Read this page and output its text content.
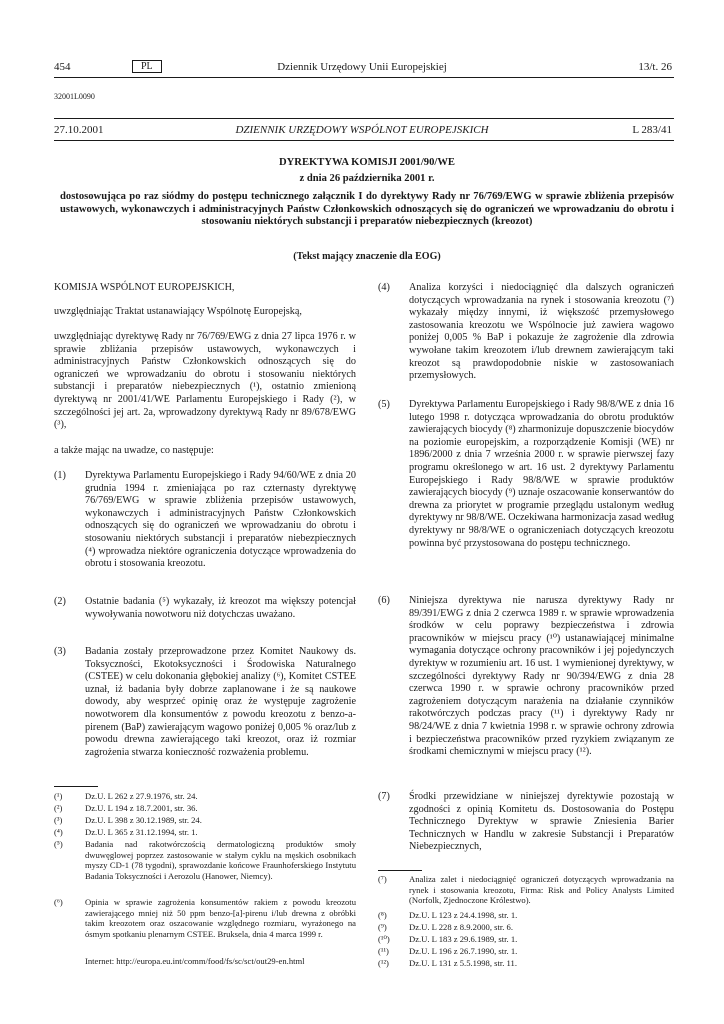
454	PL	Dziennik Urzędowy Unii Europejskiej	13/t. 26
32001L0090
27.10.2001	DZIENNIK URZĘDOWY WSPÓLNOT EUROPEJSKICH	L 283/41
DYREKTYWA KOMISJI 2001/90/WE
z dnia 26 października 2001 r.
dostosowująca po raz siódmy do postępu technicznego załącznik I do dyrektywy Rady nr 76/769/EWG w sprawie zbliżenia przepisów ustawowych, wykonawczych i administracyjnych Państw Członkowskich odnoszących się do ograniczeń we wprowadzaniu do obrotu i stosowaniu niektórych substancji i preparatów niebezpiecznych (kreozot)
(Tekst mający znaczenie dla EOG)
KOMISJA WSPÓLNOT EUROPEJSKICH,
uwzględniając Traktat ustanawiający Wspólnotę Europejską,
uwzględniając dyrektywę Rady nr 76/769/EWG z dnia 27 lipca 1976 r. w sprawie zbliżania przepisów ustawowych, wykonawczych i administracyjnych Państw Członkowskich odnoszących się do ograniczeń we wprowadzaniu do obrotu i stosowaniu niektórych substancji i preparatów niebezpiecznych (¹), ostatnio zmienioną dyrektywą nr 2001/41/WE Parlamentu Europejskiego i Rady (²), w szczególności jej art. 2a, wprowadzony dyrektywą Rady nr 89/678/EWG (³),
a także mając na uwadze, co następuje:
(1) Dyrektywa Parlamentu Europejskiego i Rady 94/60/WE z dnia 20 grudnia 1994 r. zmieniająca po raz czternasty dyrektywę 76/769/EWG w sprawie zbliżenia przepisów ustawowych, wykonawczych i administracyjnych Państw Członkowskich odnoszących się do ograniczeń we wprowadzaniu do obrotu i stosowaniu niektórych substancji i preparatów niebezpiecznych (⁴) wprowadza niektóre ograniczenia dotyczące wprowadzenia do obrotu i stosowania kreozotu.
(2) Ostatnie badania (⁵) wykazały, iż kreozot ma większy potencjał wywoływania nowotworu niż dotychczas uważano.
(3) Badania zostały przeprowadzone przez Komitet Naukowy ds. Toksyczności, Ekotoksyczności i Środowiska Naturalnego (CSTEE) w celu dokonania głębokiej analizy (⁶), Komitet CSTEE uznał, iż badania były dobrze zaplanowane i że są naukowe dowody, aby wesprzeć opinię oraz że występuje zagrożenie nowotworem dla konsumentów z powodu kreozotu z benzo-a-pirenem (BaP) zawierającym wagowo poniżej 0,005 % oraz/lub z powodu drewna zawierającego taki kreozot, oraz iż rozmiar zagrożenia stwarza konieczność rozważenia problemu.
(¹)	Dz.U. L 262 z 27.9.1976, str. 24.
(²)	Dz.U. L 194 z 18.7.2001, str. 36.
(³)	Dz.U. L 398 z 30.12.1989, str. 24.
(⁴)	Dz.U. L 365 z 31.12.1994, str. 1.
(⁵)	Badania nad rakotwórczością dermatologiczną produktów smoły dwuwęglowej poprzez zastosowanie w stałym cyklu na męskich osobnikach myszy CD-1 (78 tygodni), sprawozdanie końcowe Fraunhoferskiego Instytutu Badania Toksyczności i Aerozolu (Hanower, Niemcy).
(⁶)	Opinia w sprawie zagrożenia konsumentów rakiem z powodu kreozotu zawierającego mniej niż 50 ppm benzo-[a]-pirenu i/lub drewna z obróbki takim kreozotem oraz oszacowanie względnego rozmiaru, wyrażonego na ósmym spotkaniu plenarnym CSTEE. Bruksela, dnia 4 marca 1999 r.
Internet: http://europa.eu.int/comm/food/fs/sc/sct/out29-en.html
(4) Analiza korzyści i niedociągnięć dla dalszych ograniczeń dotyczących wprowadzania na rynek i stosowania kreozotu (⁷) wykazały między innymi, iż większość przemysłowego zastosowania kreozotu we Wspólnocie już zawiera wagowo poniżej 0,005 % BaP i pokazuje że zagrożenie dla zdrowia wywołane takim kreozotem i/lub drewnem zawierającym taki kreozot są prawdopodobnie niskie w zastosowaniach przemysłowych.
(5) Dyrektywa Parlamentu Europejskiego i Rady 98/8/WE z dnia 16 lutego 1998 r. dotycząca wprowadzania do obrotu produktów zawierających biocydy (⁸) zharmonizuje dopuszczenie biocydów na poziomie europejskim, a rozporządzenie Komisji (WE) nr 1896/2000 z dnia 7 września 2000 r. w sprawie pierwszej fazy programu określonego w art. 16 ust. 2 dyrektywy Parlamentu Europejskiego i Rady 98/8/WE w sprawie produktów zawierających biocydy (⁹) uznaje oszacowanie konserwantów do drewna za priorytet w programie przeglądu ustalonym według dyrektywy nr 98/8/WE. Oczekiwana harmonizacja zasad według dyrektywy nr 98/8/WE o ograniczeniach dotyczących kreozotu powinna być przystosowana do postępu technicznego.
(6) Niniejsza dyrektywa nie narusza dyrektywy Rady nr 89/391/EWG z dnia 2 czerwca 1989 r. w sprawie wprowadzenia środków w celu poprawy bezpieczeństwa i zdrowia pracowników w miejscu pracy (¹⁰) ustanawiającej minimalne wymagania dotyczące ochrony pracowników i jej pojedynczych dyrektyw w rozumieniu art. 16 ust. 1 wymienionej dyrektywy, w szczególności dyrektywy Rady nr 90/394/EWG z dnia 28 czerwca 1990 r. w sprawie ochrony pracowników przed zagrożeniem dotyczącym narażenia na działanie czynników rakotwórczych podczas pracy (¹¹) i dyrektywy Rady nr 98/24/WE z dnia 7 kwietnia 1998 r. w sprawie ochrony zdrowia i bezpieczeństwa pracowników przed ryzykiem związanym ze środkami chemicznymi w miejscu pracy (¹²).
(7) Środki przewidziane w niniejszej dyrektywie pozostają w zgodności z opinią Komitetu ds. Dostosowania do Postępu Technicznego Dyrektyw w sprawie Zniesienia Barier Technicznych w Handlu w zakresie Substancji i Preparatów Niebezpiecznych,
(⁷)	Analiza zalet i niedociągnięć ograniczeń dotyczących wprowadzania na rynek i stosowania kreozotu, Firma: Risk and Policy Analysts Limited (Norfolk, Zjednoczone Królestwo).
(⁸)	Dz.U. L 123 z 24.4.1998, str. 1.
(⁹)	Dz.U. L 228 z 8.9.2000, str. 6.
(¹⁰) Dz.U. L 183 z 29.6.1989, str. 1.
(¹¹) Dz.U. L 196 z 26.7.1990, str. 1.
(¹²) Dz.U. L 131 z 5.5.1998, str. 11.
